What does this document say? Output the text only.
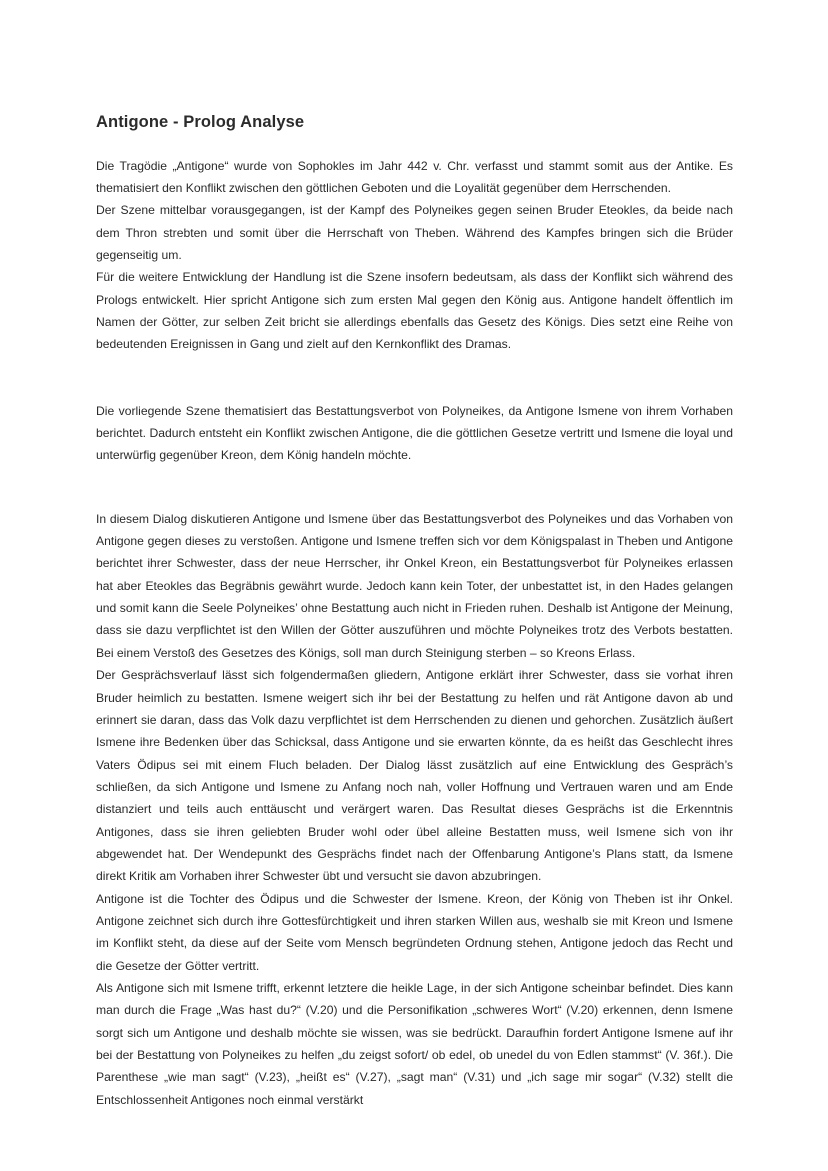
Antigone - Prolog Analyse

Die Tragödie „Antigone“ wurde von Sophokles im Jahr 442 v. Chr. verfasst und stammt somit aus der Antike. Es thematisiert den Konflikt zwischen den göttlichen Geboten und die Loyalität gegenüber dem Herrschenden.

Der Szene mittelbar vorausgegangen, ist der Kampf des Polyneikes gegen seinen Bruder Eteokles, da beide nach dem Thron strebten und somit über die Herrschaft von Theben. Während des Kampfes bringen sich die Brüder gegenseitig um.

Für die weitere Entwicklung der Handlung ist die Szene insofern bedeutsam, als dass der Konflikt sich während des Prologs entwickelt. Hier spricht Antigone sich zum ersten Mal gegen den König aus. Antigone handelt öffentlich im Namen der Götter, zur selben Zeit bricht sie allerdings ebenfalls das Gesetz des Königs. Dies setzt eine Reihe von bedeutenden Ereignissen in Gang und zielt auf den Kernkonflikt des Dramas.

Die vorliegende Szene thematisiert das Bestattungsverbot von Polyneikes, da Antigone Ismene von ihrem Vorhaben berichtet. Dadurch entsteht ein Konflikt zwischen Antigone, die die göttlichen Gesetze vertritt und Ismene die loyal und unterwürfig gegenüber Kreon, dem König handeln möchte.

In diesem Dialog diskutieren Antigone und Ismene über das Bestattungsverbot des Polyneikes und das Vorhaben von Antigone gegen dieses zu verstoßen. Antigone und Ismene treffen sich vor dem Königspalast in Theben und Antigone berichtet ihrer Schwester, dass der neue Herrscher, ihr Onkel Kreon, ein Bestattungsverbot für Polyneikes erlassen hat aber Eteokles das Begräbnis gewährt wurde. Jedoch kann kein Toter, der unbestattet ist, in den Hades gelangen und somit kann die Seele Polyneikes’ ohne Bestattung auch nicht in Frieden ruhen. Deshalb ist Antigone der Meinung, dass sie dazu verpflichtet ist den Willen der Götter auszuführen und möchte Polyneikes trotz des Verbots bestatten. Bei einem Verstoß des Gesetzes des Königs, soll man durch Steinigung sterben – so Kreons Erlass.

Der Gesprächsverlauf lässt sich folgendermaßen gliedern, Antigone erklärt ihrer Schwester, dass sie vorhat ihren Bruder heimlich zu bestatten. Ismene weigert sich ihr bei der Bestattung zu helfen und rät Antigone davon ab und erinnert sie daran, dass das Volk dazu verpflichtet ist dem Herrschenden zu dienen und gehorchen. Zusätzlich äußert Ismene ihre Bedenken über das Schicksal, dass Antigone und sie erwarten könnte, da es heißt das Geschlecht ihres Vaters Ödipus sei mit einem Fluch beladen. Der Dialog lässt zusätzlich auf eine Entwicklung des Gespräch’s schließen, da sich Antigone und Ismene zu Anfang noch nah, voller Hoffnung und Vertrauen waren und am Ende distanziert und teils auch enttäuscht und verärgert waren. Das Resultat dieses Gesprächs ist die Erkenntnis Antigones, dass sie ihren geliebten Bruder wohl oder übel alleine Bestatten muss, weil Ismene sich von ihr abgewendet hat. Der Wendepunkt des Gesprächs findet nach der Offenbarung Antigone’s Plans statt, da Ismene direkt Kritik am Vorhaben ihrer Schwester übt und versucht sie davon abzubringen.

Antigone ist die Tochter des Ödipus und die Schwester der Ismene. Kreon, der König von Theben ist ihr Onkel. Antigone zeichnet sich durch ihre Gottesfürchtigkeit und ihren starken Willen aus, weshalb sie mit Kreon und Ismene im Konflikt steht, da diese auf der Seite vom Mensch begründeten Ordnung stehen, Antigone jedoch das Recht und die Gesetze der Götter vertritt.

Als Antigone sich mit Ismene trifft, erkennt letztere die heikle Lage, in der sich Antigone scheinbar befindet. Dies kann man durch die Frage „Was hast du?“ (V.20) und die Personifikation „schweres Wort“ (V.20) erkennen, denn Ismene sorgt sich um Antigone und deshalb möchte sie wissen, was sie bedrückt. Daraufhin fordert Antigone Ismene auf ihr bei der Bestattung von Polyneikes zu helfen „du zeigst sofort/ ob edel, ob unedel du von Edlen stammst“ (V. 36f.). Die Parenthese „wie man sagt“ (V.23), „heißt es“ (V.27), „sagt man“ (V.31) und „ich sage mir sogar“ (V.32) stellt die Entschlossenheit Antigones noch einmal verstärkt
